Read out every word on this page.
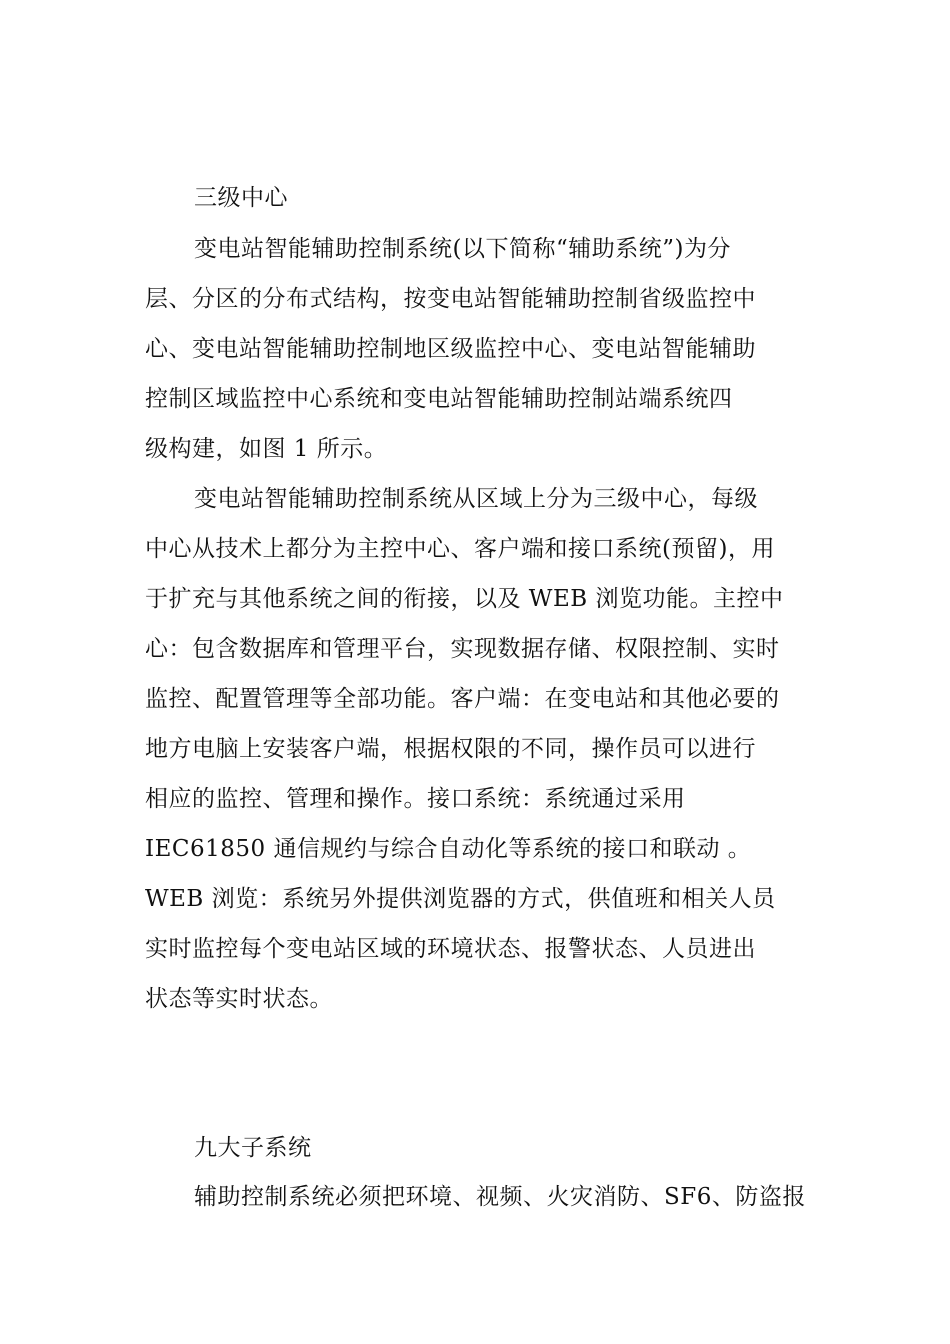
三级中心
变电站智能辅助控制系统(以下简称“辅助系统”)为分
层、分区的分布式结构，按变电站智能辅助控制省级监控中
心、变电站智能辅助控制地区级监控中心、变电站智能辅助
控制区域监控中心系统和变电站智能辅助控制站端系统四
级构建，如图 1 所示。
变电站智能辅助控制系统从区域上分为三级中心，每级
中心从技术上都分为主控中心、客户端和接口系统(预留)，用
于扩充与其他系统之间的衔接，以及 WEB 浏览功能。主控中
心：包含数据库和管理平台，实现数据存储、权限控制、实时
监控、配置管理等全部功能。客户端：在变电站和其他必要的
地方电脑上安装客户端，根据权限的不同，操作员可以进行
相应的监控、管理和操作。接口系统：系统通过采用
IEC61850 通信规约与综合自动化等系统的接口和联动 。
WEB 浏览：系统另外提供浏览器的方式，供值班和相关人员
实时监控每个变电站区域的环境状态、报警状态、人员进出
状态等实时状态。
九大子系统
辅助控制系统必须把环境、视频、火灾消防、SF6、防盗报
